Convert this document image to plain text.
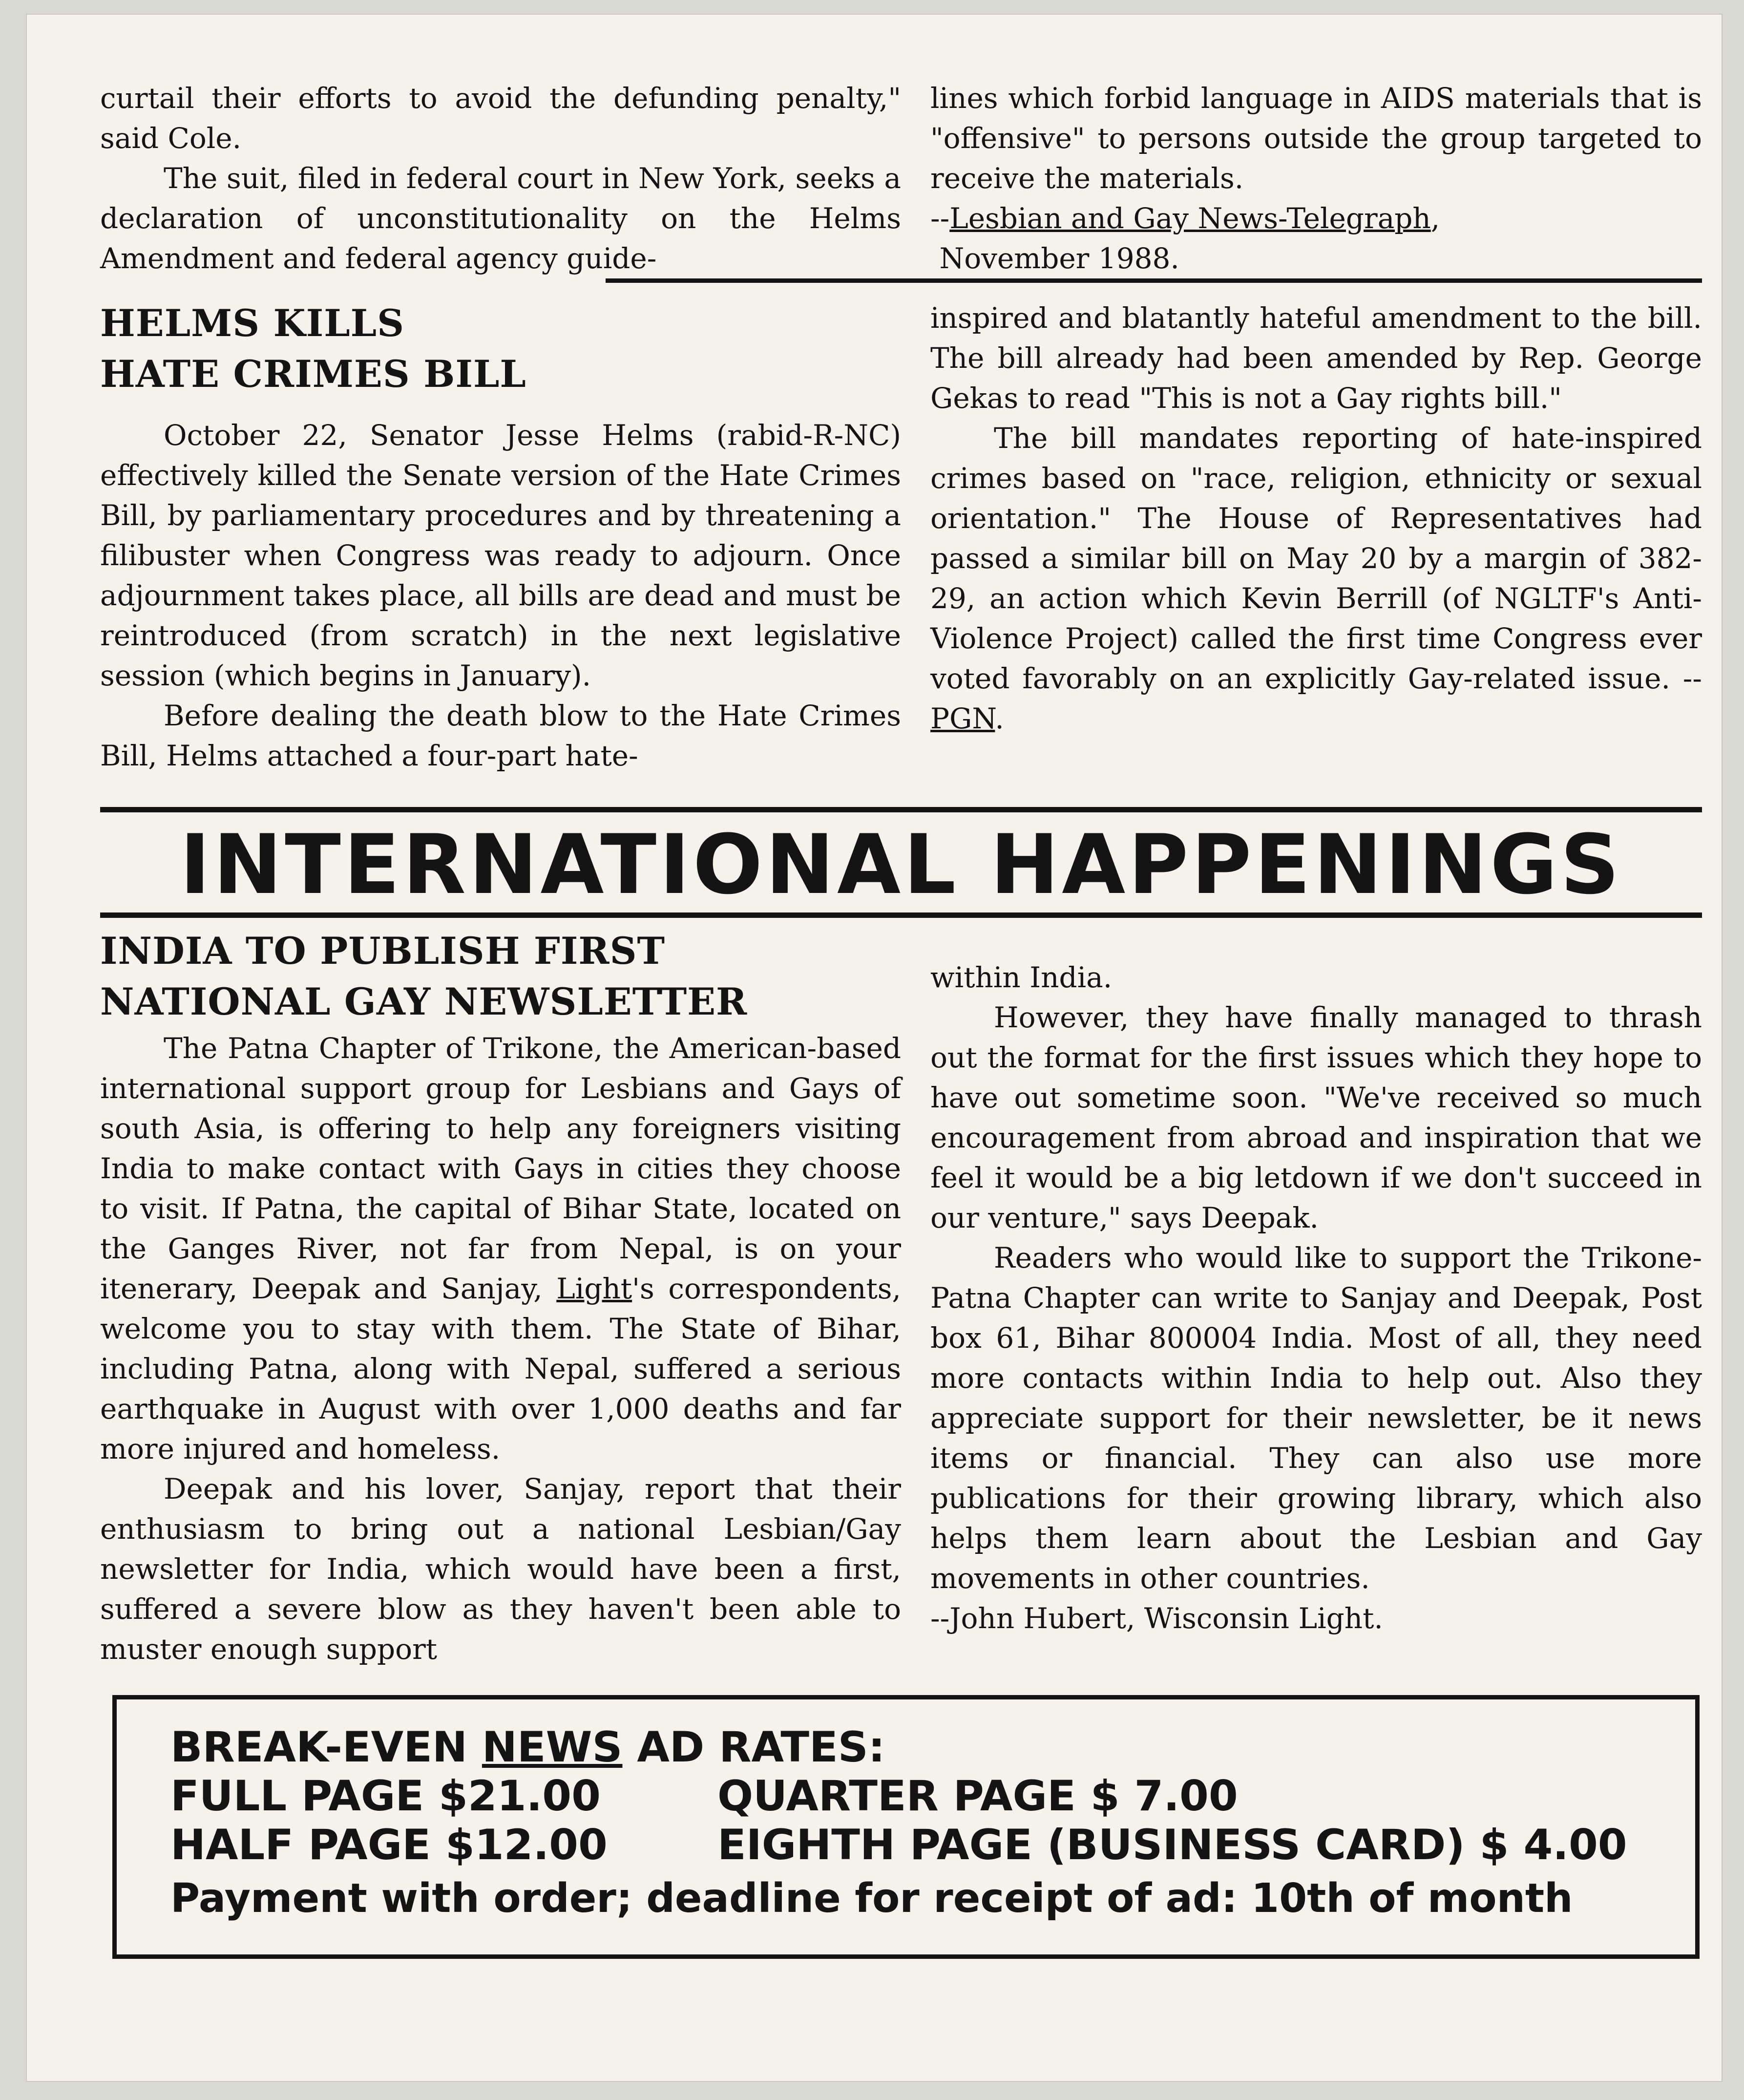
curtail their efforts to avoid the defunding penalty," said Cole.

The suit, filed in federal court in New York, seeks a declaration of unconstitutionality on the Helms Amendment and federal agency guide-

lines which forbid language in AIDS materials that is "offensive" to persons outside the group targeted to receive the materials.

--Lesbian and Gay News-Telegraph,
November 1988.

HELMS KILLS
HATE CRIMES BILL

October 22, Senator Jesse Helms (rabid-R-NC) effectively killed the Senate version of the Hate Crimes Bill, by parliamentary procedures and by threatening a filibuster when Congress was ready to adjourn. Once adjournment takes place, all bills are dead and must be reintroduced (from scratch) in the next legislative session (which begins in January).

Before dealing the death blow to the Hate Crimes Bill, Helms attached a four-part hate-

inspired and blatantly hateful amendment to the bill. The bill already had been amended by Rep. George Gekas to read "This is not a Gay rights bill."

The bill mandates reporting of hate-inspired crimes based on "race, religion, ethnicity or sexual orientation." The House of Representatives had passed a similar bill on May 20 by a margin of 382-29, an action which Kevin Berrill (of NGLTF's Anti-Violence Project) called the first time Congress ever voted favorably on an explicitly Gay-related issue. --PGN.

INTERNATIONAL HAPPENINGS
INDIA TO PUBLISH FIRST
NATIONAL GAY NEWSLETTER

The Patna Chapter of Trikone, the American-based international support group for Lesbians and Gays of south Asia, is offering to help any foreigners visiting India to make contact with Gays in cities they choose to visit. If Patna, the capital of Bihar State, located on the Ganges River, not far from Nepal, is on your itenerary, Deepak and Sanjay, Light's correspondents, welcome you to stay with them. The State of Bihar, including Patna, along with Nepal, suffered a serious earthquake in August with over 1,000 deaths and far more injured and homeless.

Deepak and his lover, Sanjay, report that their enthusiasm to bring out a national Lesbian/Gay newsletter for India, which would have been a first, suffered a severe blow as they haven't been able to muster enough support

within India.

However, they have finally managed to thrash out the format for the first issues which they hope to have out sometime soon. "We've received so much encouragement from abroad and inspiration that we feel it would be a big letdown if we don't succeed in our venture," says Deepak.

Readers who would like to support the Trikone-Patna Chapter can write to Sanjay and Deepak, Post box 61, Bihar 800004 India. Most of all, they need more contacts within India to help out. Also they appreciate support for their newsletter, be it news items or financial. They can also use more publications for their growing library, which also helps them learn about the Lesbian and Gay movements in other countries.

--John Hubert, Wisconsin Light.

BREAK-EVEN NEWS AD RATES:
FULL PAGE $21.00	QUARTER PAGE $ 7.00
HALF PAGE $12.00	EIGHTH PAGE (BUSINESS CARD) $ 4.00
Payment with order; deadline for receipt of ad: 10th of month
